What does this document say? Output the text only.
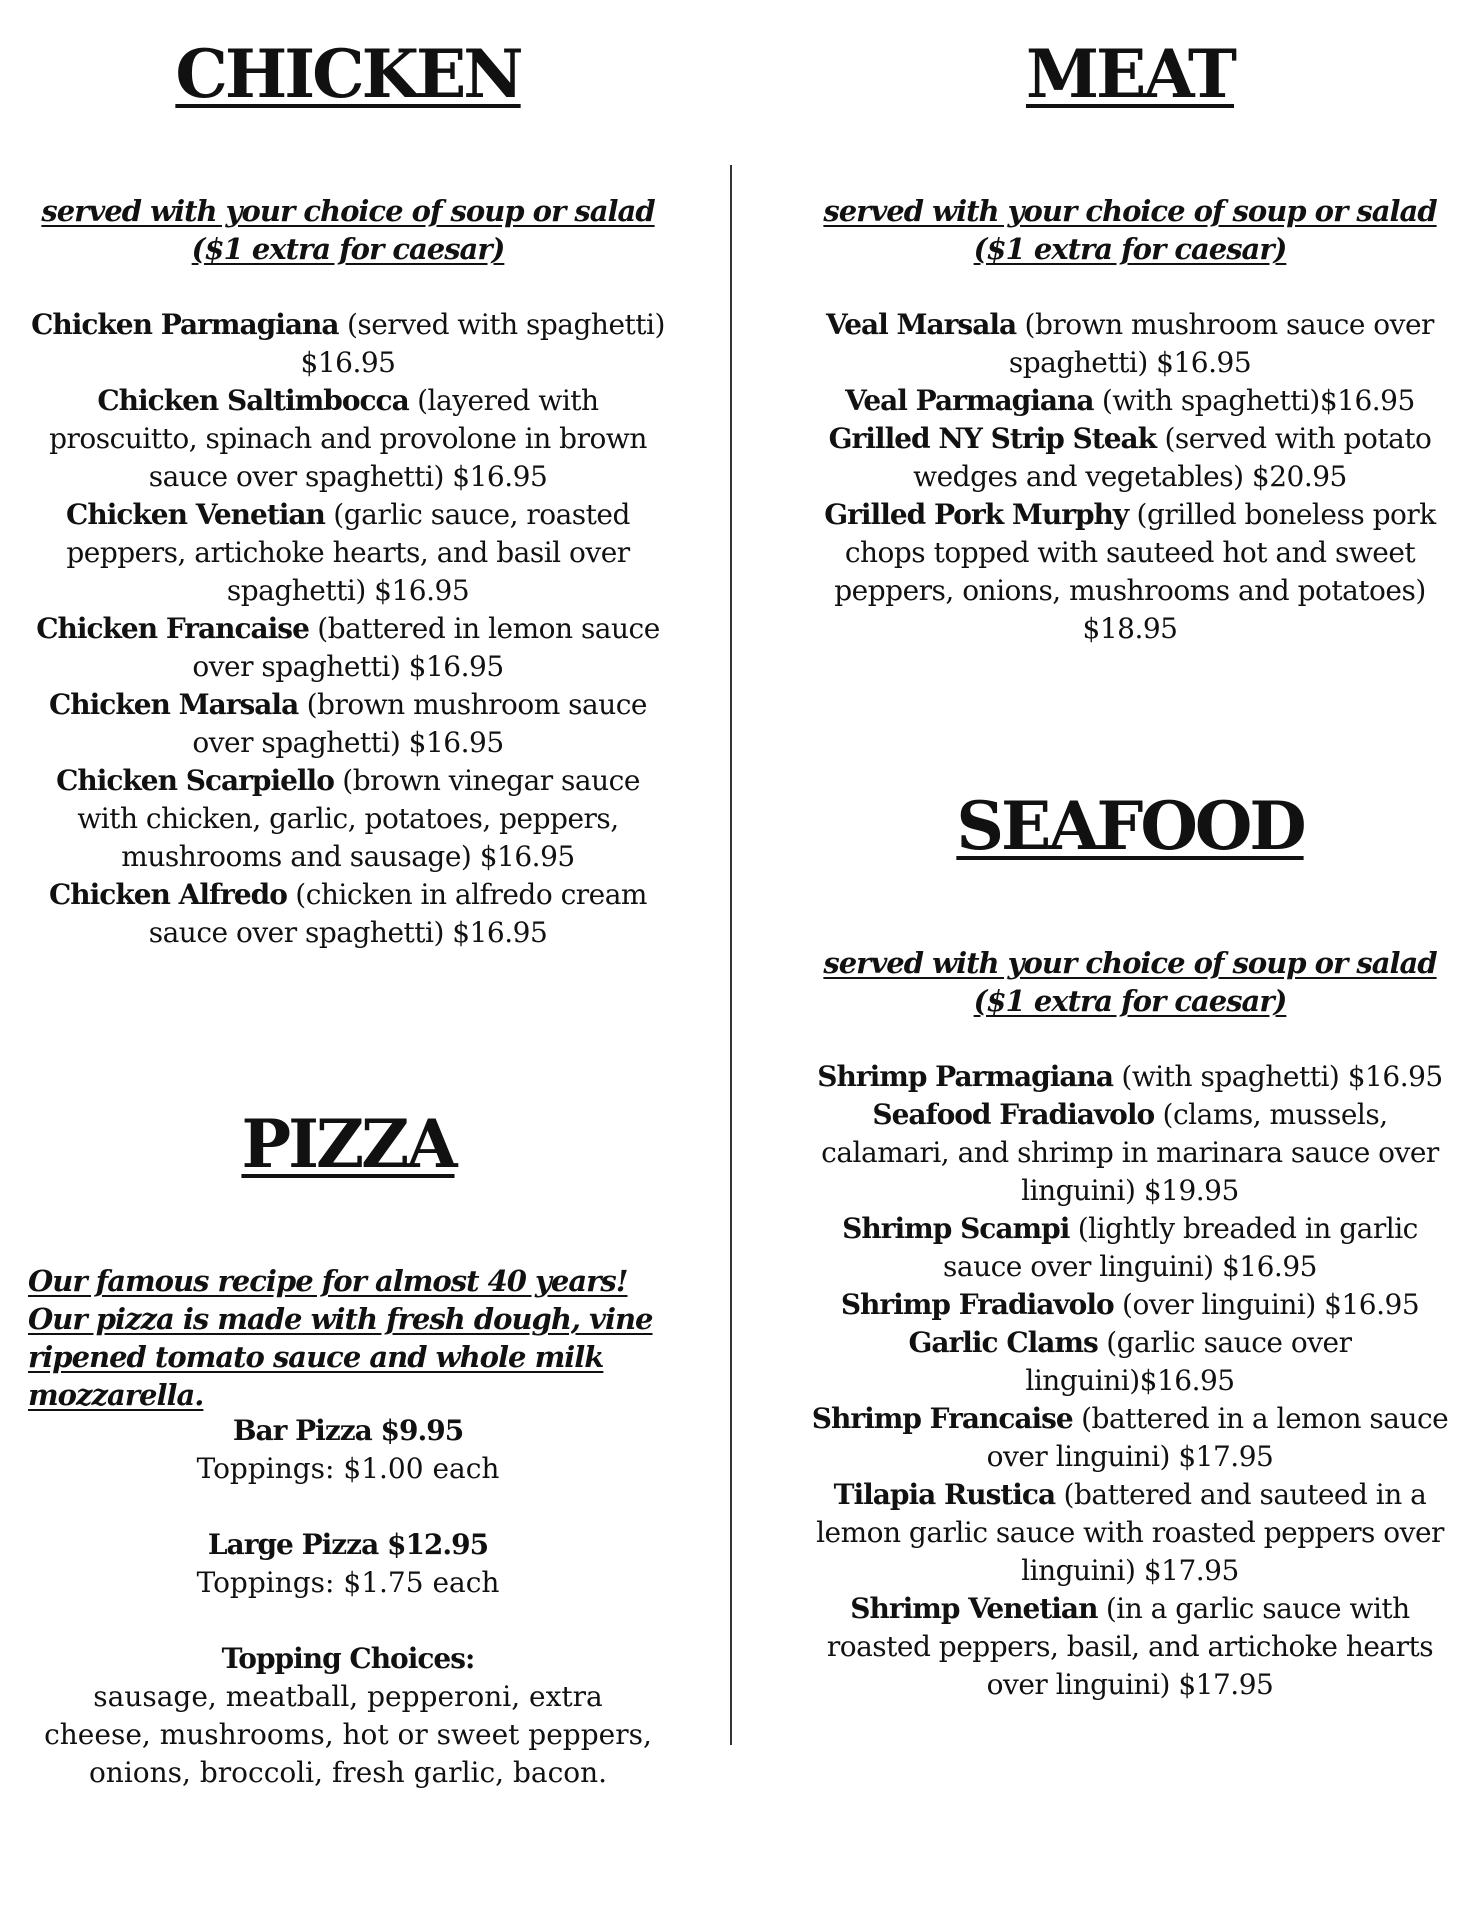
CHICKEN

served with your choice of soup or salad

($1 extra for caesar)

Chicken Parmagiana (served with spaghetti) $16.95

Chicken Saltimbocca (layered with proscuitto, spinach and provolone in brown sauce over spaghetti) $16.95

Chicken Venetian (garlic sauce, roasted peppers, artichoke hearts, and basil over spaghetti) $16.95

Chicken Francaise (battered in lemon sauce over spaghetti) $16.95

Chicken Marsala (brown mushroom sauce over spaghetti) $16.95

Chicken Scarpiello (brown vinegar sauce with chicken, garlic, potatoes, peppers, mushrooms and sausage) $16.95

Chicken Alfredo (chicken in alfredo cream sauce over spaghetti) $16.95

PIZZA

Our famous recipe for almost 40 years! Our pizza is made with fresh dough, vine ripened tomato sauce and whole milk mozzarella.

Bar Pizza $9.95

Toppings: $1.00 each

Large Pizza $12.95

Toppings: $1.75 each

Topping Choices:

sausage, meatball, pepperoni, extra cheese, mushrooms, hot or sweet peppers, onions, broccoli, fresh garlic, bacon.

MEAT

served with your choice of soup or salad

($1 extra for caesar)

Veal Marsala (brown mushroom sauce over spaghetti) $16.95

Veal Parmagiana (with spaghetti)$16.95

Grilled NY Strip Steak (served with potato wedges and vegetables) $20.95

Grilled Pork Murphy (grilled boneless pork chops topped with sauteed hot and sweet peppers, onions, mushrooms and potatoes) $18.95

SEAFOOD

served with your choice of soup or salad

($1 extra for caesar)

Shrimp Parmagiana (with spaghetti) $16.95

Seafood Fradiavolo (clams, mussels, calamari, and shrimp in marinara sauce over linguini) $19.95

Shrimp Scampi (lightly breaded in garlic sauce over linguini) $16.95

Shrimp Fradiavolo (over linguini) $16.95

Garlic Clams (garlic sauce over linguini)$16.95

Shrimp Francaise (battered in a lemon sauce over linguini) $17.95

Tilapia Rustica (battered and sauteed in a lemon garlic sauce with roasted peppers over linguini) $17.95

Shrimp Venetian (in a garlic sauce with roasted peppers, basil, and artichoke hearts over linguini) $17.95
